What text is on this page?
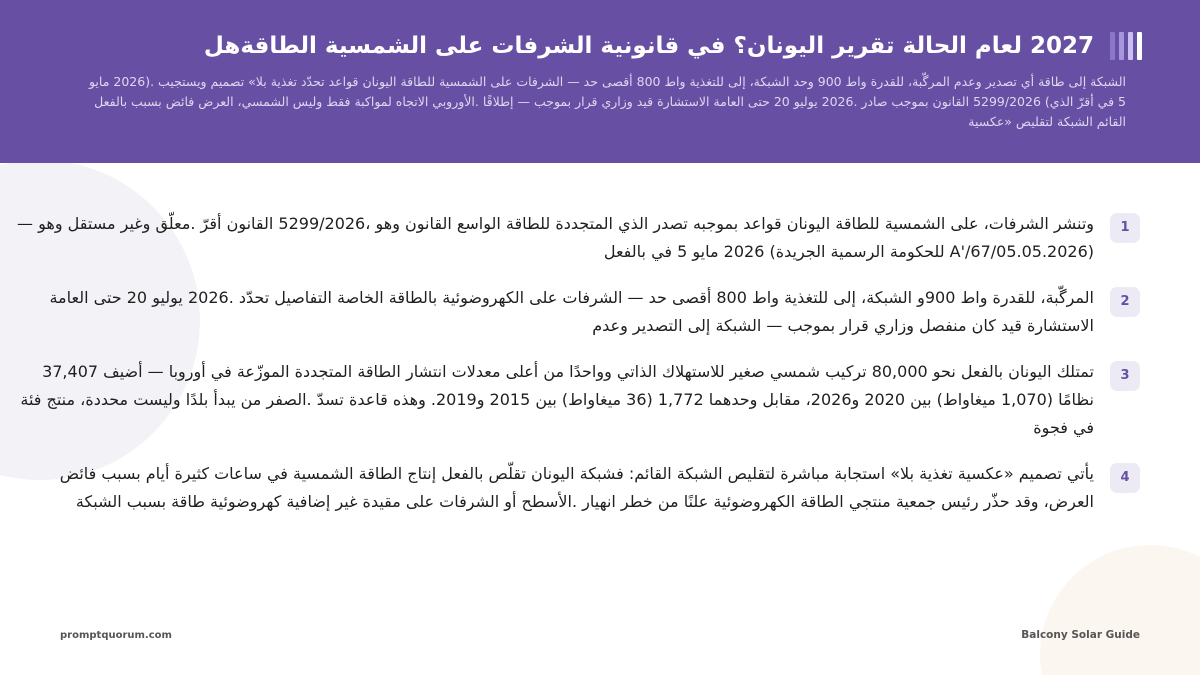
2027 لعام الحالة تقرير اليونان؟ في قانونية الشرفات على الشمسية الطاقةهل
الشبكة إلى طاقة أي تصدير وعدم المرگّبة، للقدرة واط 900 وحد الشبكة، إلى للتغذية واط 800 أقصى حد — الشرفات على الشمسية للطاقة اليونان قواعد تحدّد تغذية بلا» تصميم ويستجيب .(2026 مايو 5 في أقرّ الذي) 5299/2026 القانون بموجب صادر .2026 يوليو 20 حتى العامة الاستشارة قيد وزاري قرار بموجب — إطلاقًا .الأوروبي الاتجاه لمواكبة فقط وليس الشمسي، العرض فائض بسبب بالفعل القائم الشبكة لتقليص «عكسية
1
وتنشر الشرفات، على الشمسية للطاقة اليونان قواعد بموجبه تصدر الذي المتجددة للطاقة الواسع القانون وهو ،5299/2026 القانون أقرّ .معلّق وغير مستقل وهو — (A'/67/05.05.2026 للحكومة الرسمية الجريدة) 2026 مايو 5 في بالفعل
2
المرگّبة، للقدرة واط 900و الشبكة، إلى للتغذية واط 800 أقصى حد — الشرفات على الكهروضوئية بالطاقة الخاصة التفاصيل تحدّد .2026 يوليو 20 حتى العامة الاستشارة قيد كان منفصل وزاري قرار بموجب — الشبكة إلى التصدير وعدم
3
تمتلك اليونان بالفعل نحو 80,000 تركيب شمسي صغير للاستهلاك الذاتي وواحدًا من أعلى معدلات انتشار الطاقة المتجددة الموزّعة في أوروبا — أضيف 37,407 نظامًا (1,070 ميغاواط) بين 2020 و2026، مقابل وحدهما 1,772 (36 ميغاواط) بين 2015 و2019. وهذه قاعدة تسدّ .الصفر من يبدأ بلدًا وليست محددة، منتج فئة في فجوة
4
يأتي تصميم «عكسية تغذية بلا» استجابة مباشرة لتقليص الشبكة القائم: فشبكة اليونان تقلّص بالفعل إنتاج الطاقة الشمسية في ساعات كثيرة أيام بسبب فائض العرض، وقد حذّر رئيس جمعية منتجي الطاقة الكهروضوئية علنًا من خطر انهيار .الأسطح أو الشرفات على مقيدة غير إضافية كهروضوئية طاقة بسبب الشبكة
promptquorum.com	Balcony Solar Guide
